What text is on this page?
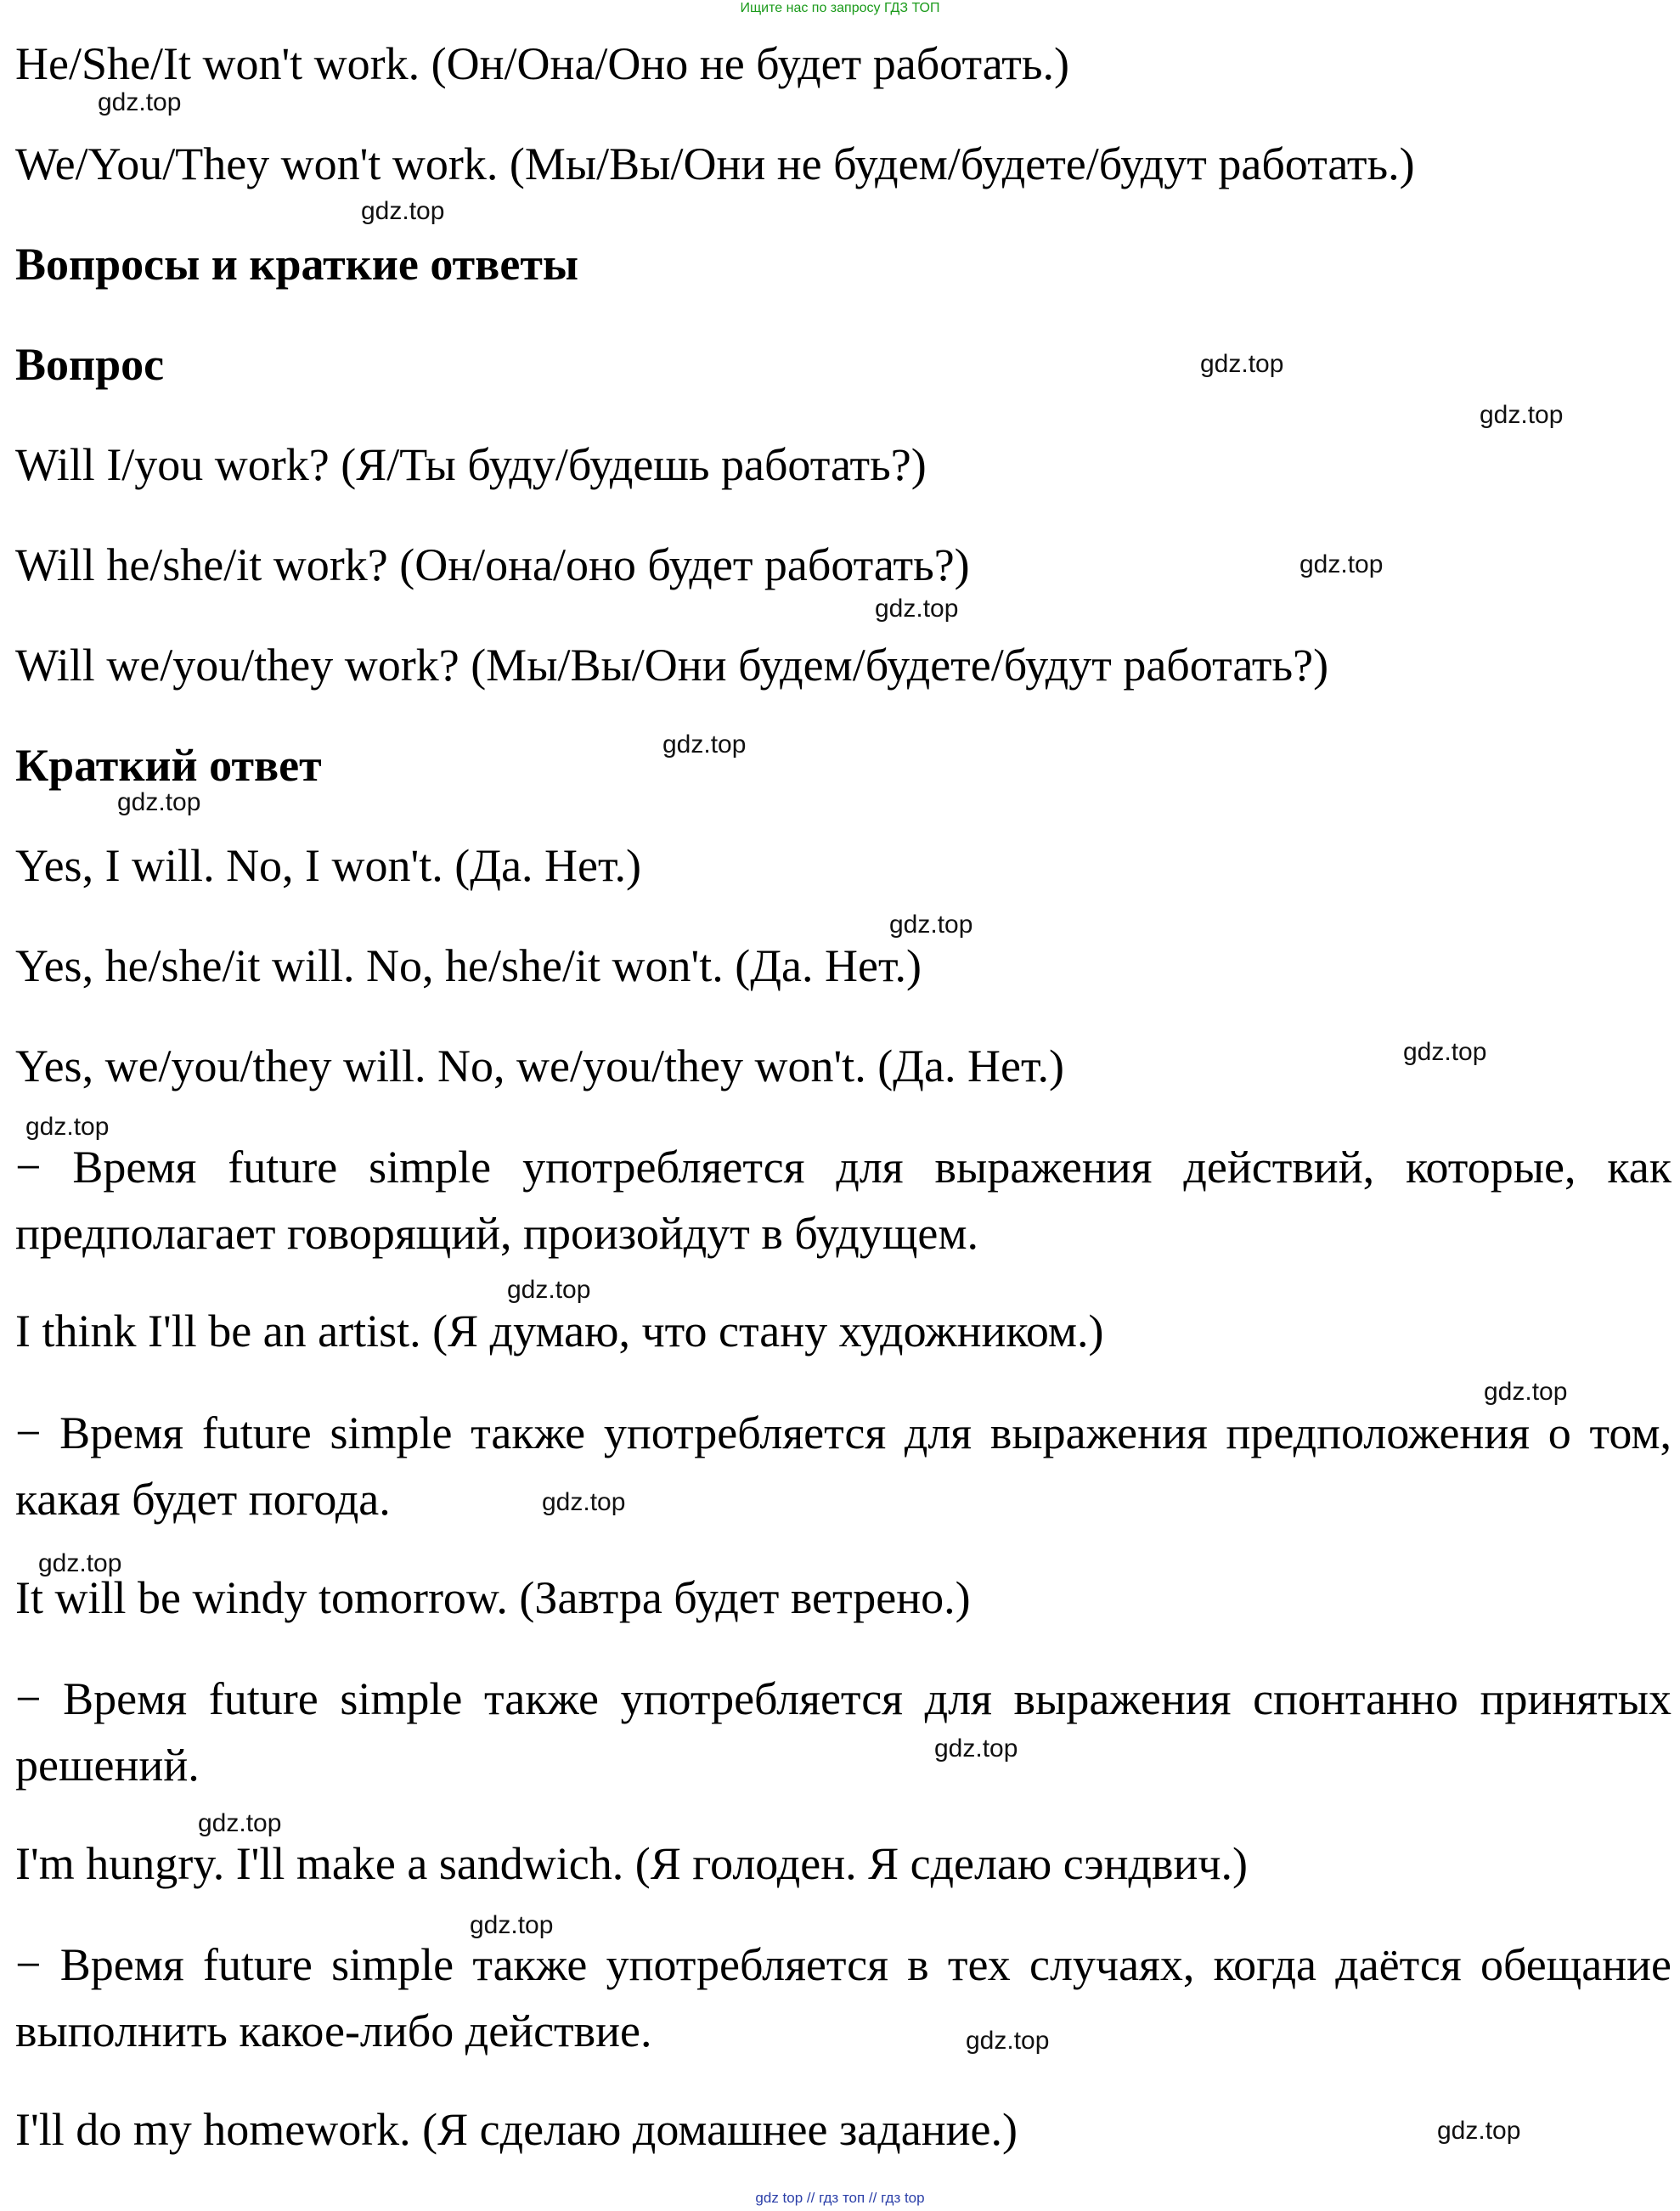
Ищите нас по запросу ГДЗ ТОП
He/She/It won't work. (Он/Она/Оно не будет работать.)
We/You/They won't work. (Мы/Вы/Они не будем/будете/будут работать.)
Вопросы и краткие ответы
Вопрос
Will I/you work? (Я/Ты буду/будешь работать?)
Will he/she/it work? (Он/она/оно будет работать?)
Will we/you/they work? (Мы/Вы/Они будем/будете/будут работать?)
Краткий ответ
Yes, I will. No, I won't. (Да. Нет.)
Yes, he/she/it will. No, he/she/it won't. (Да. Нет.)
Yes, we/you/they will. No, we/you/they won't. (Да. Нет.)
− Время future simple употребляется для выражения действий, которые, как предполагает говорящий, произойдут в будущем.
I think I'll be an artist. (Я думаю, что стану художником.)
− Время future simple также употребляется для выражения предположения о том, какая будет погода.
It will be windy tomorrow. (Завтра будет ветрено.)
− Время future simple также употребляется для выражения спонтанно принятых решений.
I'm hungry. I'll make a sandwich. (Я голоден. Я сделаю сэндвич.)
− Время future simple также употребляется в тех случаях, когда даётся обещание выполнить какое-либо действие.
I'll do my homework. (Я сделаю домашнее задание.)
gdz.top
gdz.top
gdz.top
gdz.top
gdz.top
gdz.top
gdz.top
gdz.top
gdz.top
gdz.top
gdz.top
gdz.top
gdz.top
gdz.top
gdz.top
gdz.top
gdz.top
gdz.top
gdz.top
gdz.top
gdz top // гдз топ // гдз top
